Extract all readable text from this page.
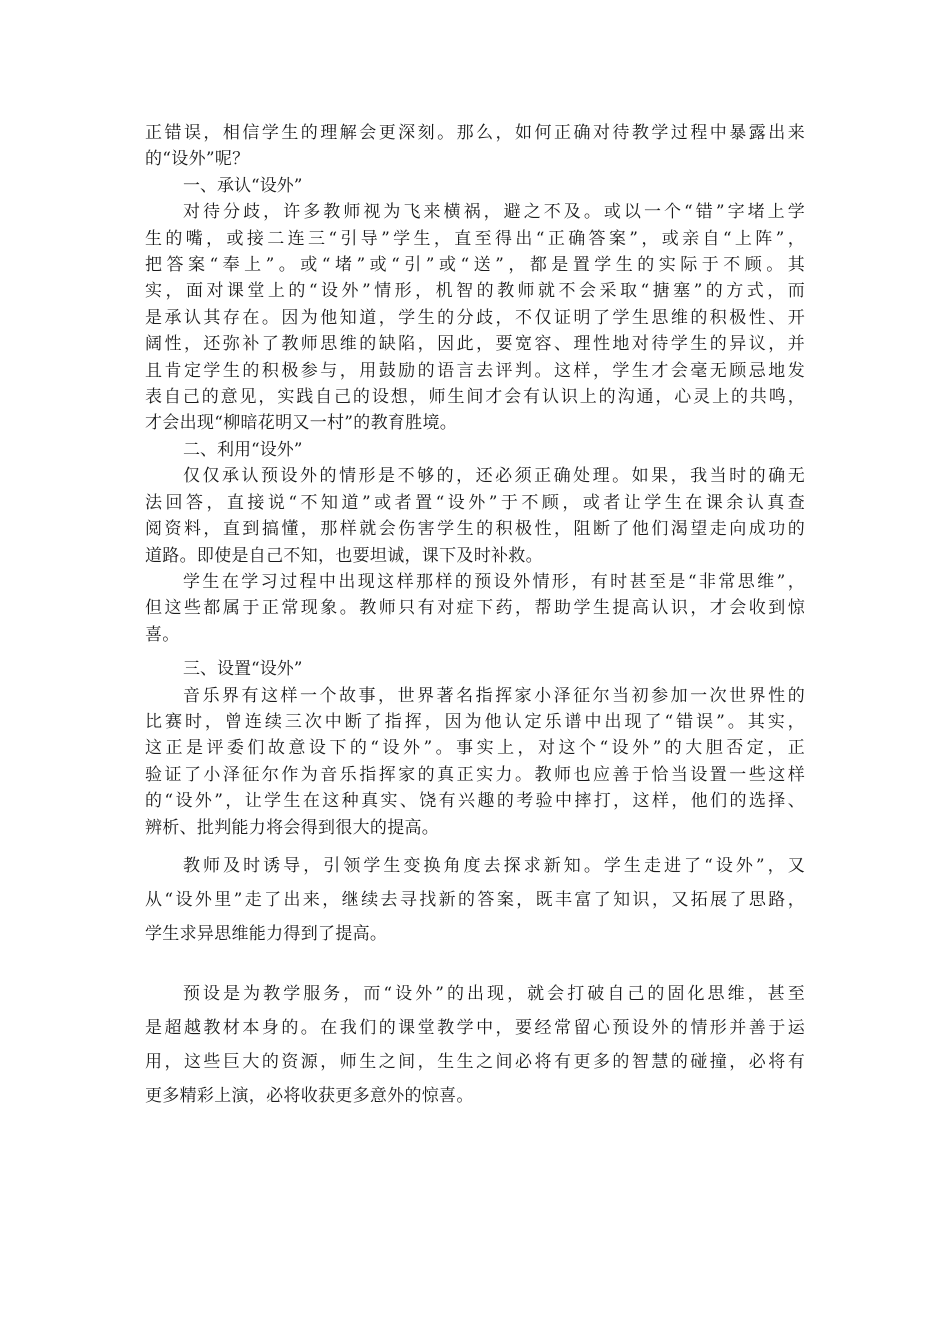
正错误，相信学生的理解会更深刻。那么，如何正确对待教学过程中暴露出来
的“设外”呢？
一、承认“设外”
对待分歧，许多教师视为飞来横祸，避之不及。或以一个“错”字堵上学
生的嘴，或接二连三“引导”学生，直至得出“正确答案”，或亲自“上阵”，
把答案“奉上”。或“堵”或“引”或“送”，都是置学生的实际于不顾。其
实，面对课堂上的“设外”情形，机智的教师就不会采取“搪塞”的方式，而
是承认其存在。因为他知道，学生的分歧，不仅证明了学生思维的积极性、开
阔性，还弥补了教师思维的缺陷，因此，要宽容、理性地对待学生的异议，并
且肯定学生的积极参与，用鼓励的语言去评判。这样，学生才会毫无顾忌地发
表自己的意见，实践自己的设想，师生间才会有认识上的沟通，心灵上的共鸣，
才会出现“柳暗花明又一村”的教育胜境。
二、利用“设外”
仅仅承认预设外的情形是不够的，还必须正确处理。如果，我当时的确无
法回答，直接说“不知道”或者置“设外”于不顾，或者让学生在课余认真查
阅资料，直到搞懂，那样就会伤害学生的积极性，阻断了他们渴望走向成功的
道路。即使是自己不知，也要坦诚，课下及时补救。
学生在学习过程中出现这样那样的预设外情形，有时甚至是“非常思维”，
但这些都属于正常现象。教师只有对症下药，帮助学生提高认识，才会收到惊
喜。
三、设置“设外”
音乐界有这样一个故事，世界著名指挥家小泽征尔当初参加一次世界性的
比赛时，曾连续三次中断了指挥，因为他认定乐谱中出现了“错误”。其实，
这正是评委们故意设下的“设外”。事实上，对这个“设外”的大胆否定，正
验证了小泽征尔作为音乐指挥家的真正实力。教师也应善于恰当设置一些这样
的“设外”，让学生在这种真实、饶有兴趣的考验中摔打，这样，他们的选择、
辨析、批判能力将会得到很大的提高。
教师及时诱导，引领学生变换角度去探求新知。学生走进了“设外”，又
从“设外里”走了出来，继续去寻找新的答案，既丰富了知识，又拓展了思路，
学生求异思维能力得到了提高。
预设是为教学服务，而“设外”的出现，就会打破自己的固化思维，甚至
是超越教材本身的。在我们的课堂教学中，要经常留心预设外的情形并善于运
用，这些巨大的资源，师生之间，生生之间必将有更多的智慧的碰撞，必将有
更多精彩上演，必将收获更多意外的惊喜。
